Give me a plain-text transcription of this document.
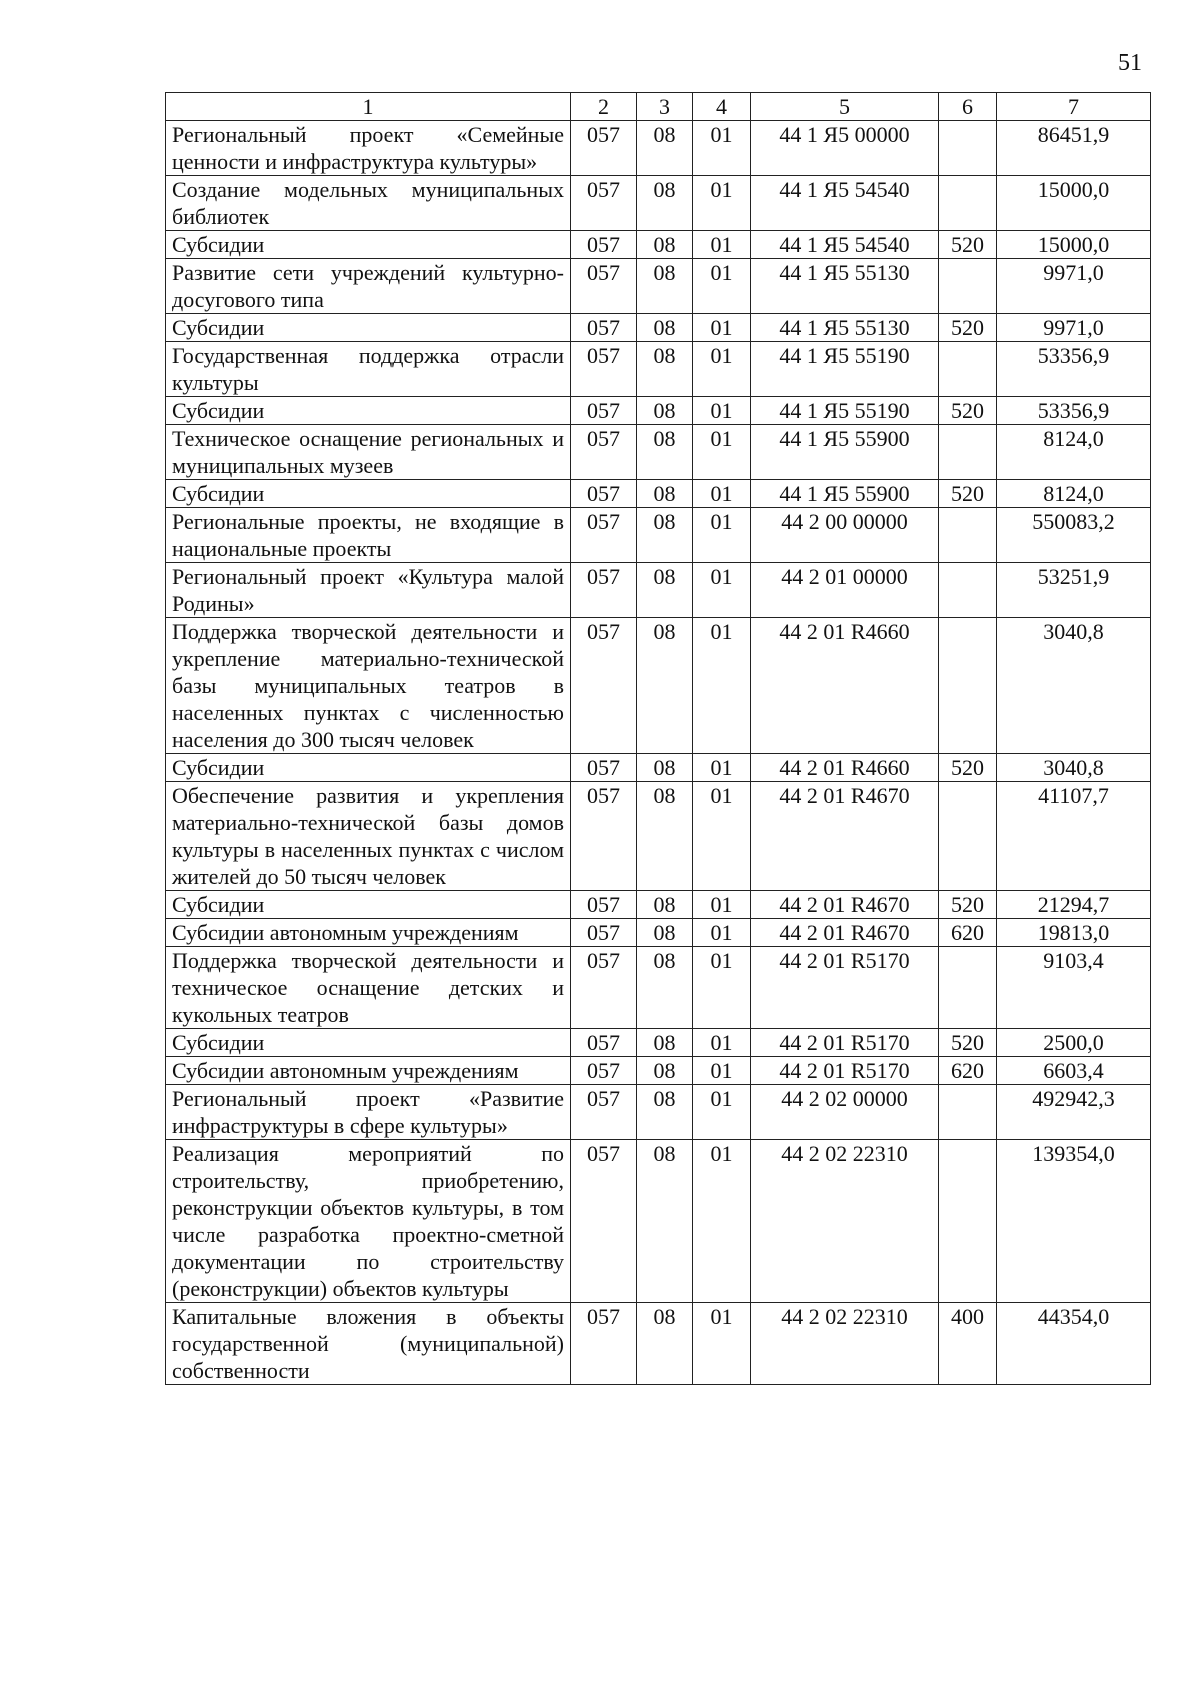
51
1	2	3	4	5	6	7
Региональный проект «Семейные ценности и инфраструктура культуры»	057	08	01	44 1 Я5 00000		86451,9
Создание модельных муниципальных библиотек	057	08	01	44 1 Я5 54540		15000,0
Субсидии	057	08	01	44 1 Я5 54540	520	15000,0
Развитие сети учреждений культурно-досугового типа	057	08	01	44 1 Я5 55130		9971,0
Субсидии	057	08	01	44 1 Я5 55130	520	9971,0
Государственная поддержка отрасли культуры	057	08	01	44 1 Я5 55190		53356,9
Субсидии	057	08	01	44 1 Я5 55190	520	53356,9
Техническое оснащение региональных и муниципальных музеев	057	08	01	44 1 Я5 55900		8124,0
Субсидии	057	08	01	44 1 Я5 55900	520	8124,0
Региональные проекты, не входящие в национальные проекты	057	08	01	44 2 00 00000		550083,2
Региональный проект «Культура малой Родины»	057	08	01	44 2 01 00000		53251,9
Поддержка творческой деятельности и укрепление материально-технической базы муниципальных театров в населенных пунктах с численностью населения до 300 тысяч человек	057	08	01	44 2 01 R4660		3040,8
Субсидии	057	08	01	44 2 01 R4660	520	3040,8
Обеспечение развития и укрепления материально-технической базы домов культуры в населенных пунктах с числом жителей до 50 тысяч человек	057	08	01	44 2 01 R4670		41107,7
Субсидии	057	08	01	44 2 01 R4670	520	21294,7
Субсидии автономным учреждениям	057	08	01	44 2 01 R4670	620	19813,0
Поддержка творческой деятельности и техническое оснащение детских и кукольных театров	057	08	01	44 2 01 R5170		9103,4
Субсидии	057	08	01	44 2 01 R5170	520	2500,0
Субсидии автономным учреждениям	057	08	01	44 2 01 R5170	620	6603,4
Региональный проект «Развитие инфраструктуры в сфере культуры»	057	08	01	44 2 02 00000		492942,3
Реализация мероприятий по строительству, приобретению, реконструкции объектов культуры, в том числе разработка проектно-сметной документации по строительству (реконструкции) объектов культуры	057	08	01	44 2 02 22310		139354,0
Капитальные вложения в объекты государственной (муниципальной) собственности	057	08	01	44 2 02 22310	400	44354,0
